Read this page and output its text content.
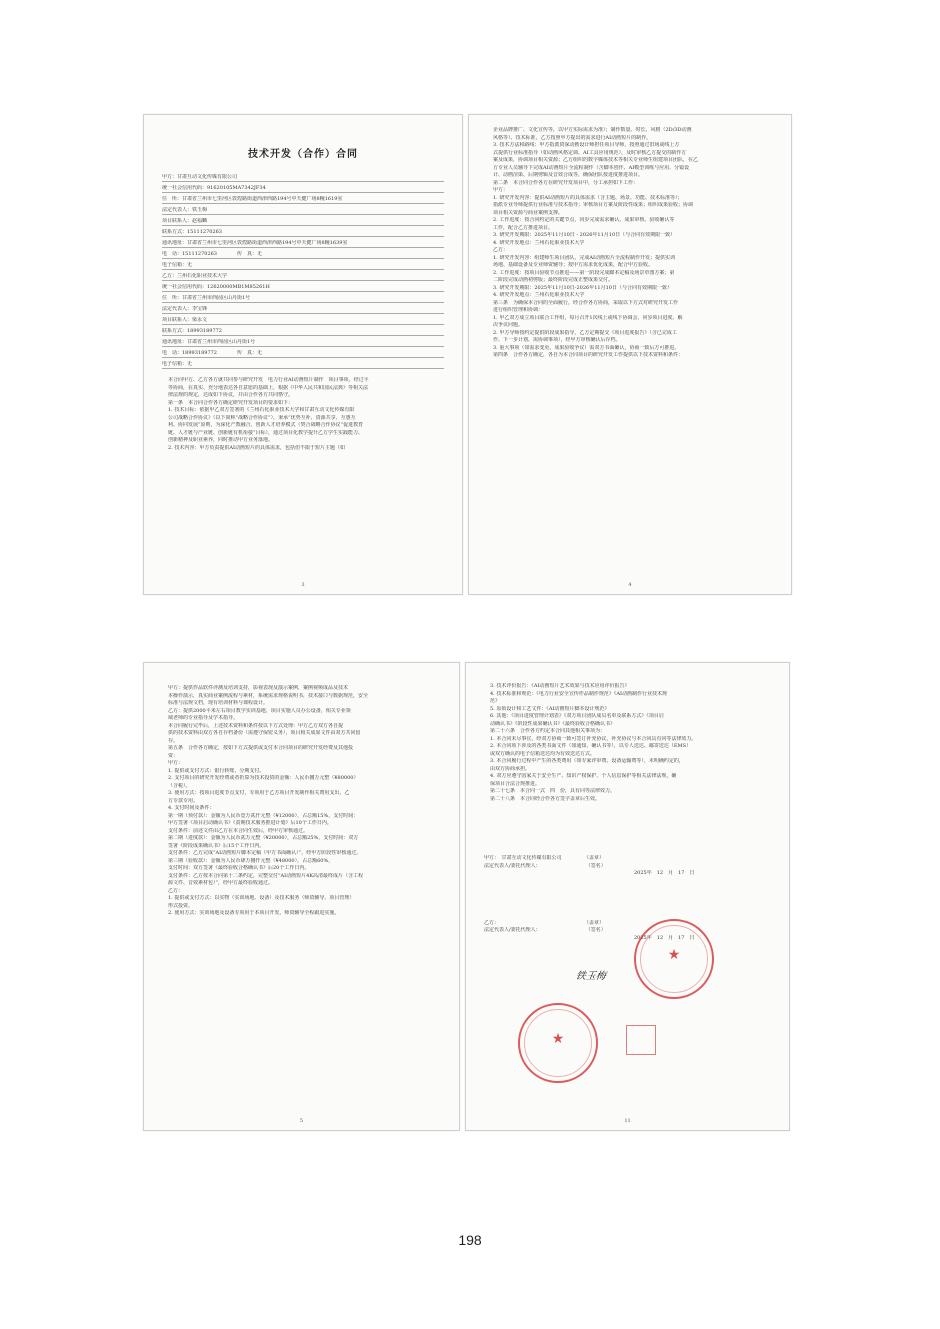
技术开发（合作）合同
甲方：甘肃互动文化传媒有限公司
统一社会信用代码：91620105MA7342JF34
住　所：甘肃省兰州市七里河区敦煌路街道西津西路194号中天健广场8幢1619室
法定代表人：铁玉梅
项目联系人：赵福麟
联系方式：15111270263
通讯地址：甘肃省兰州市七里河区敦煌路街道西津西路194号中天健广场8幢1639室
电　话：15111270263　　　　传　真：无
电子信箱：无
乙方：兰州石化职业技术大学
统一社会信用代码：12620000MB1M85261H
住　所：甘肃省兰州市西固区山丹街1号
法定代表人：李宝锋
项目联系人：梁永文
联系方式：18993189772
通讯地址：甘肃省兰州市西固区山丹街1号
电　话：18993189772　　　　传　真：无
电子信箱：无
本合同甲方、乙方各方就共同参与研究开发　电力行业AI动画短片制作　项目事项，经过平
等协商，在真实、充分地表达各自意愿的基础上，根据《中华人民共和国民法典》等相关法
律法规的规定，达成如下协议，并由合作各方共同恪守。
第一条　本合同合作各方确定研究开发项目的要求如下：
1. 技术目标：依据甲乙双方签署的《兰州石化职业技术大学和甘肃互动文化传媒有限
公司战略合作协议》（以下简称“战略合作协议”），秉承“优势互补、资源共享、互惠互
利、协同发展”原则，为深化产教融合、创新人才培养模式（契合战略合作协议“促进教育
链、人才链与产业链、创新链有机衔接”目标），通过项目化教学提升乙方学生实践能力、
创新精神及职业素养，同时推动甲方业务落地。
2. 技术内容：甲方负责提供AI动画短片的具体需求，包括但不限于短片主题（如
3
企业品牌推广、文化宣传等，以甲方实际需求为准）；制作数量、时长、风格（2D/3D动画
风格等）、技术标准，乙方按照甲方提出的需求进行AI动画短片的制作。
3. 技术方法和路线：甲方指派资深动画设计师担任项目导师，按照通过旧场或线上方
式提供行业标准指导（如动画风格定调、AI工具应用规范），及时审核乙方提交的制作方
案及成果，协调项目相关资源；乙方组织的数字媒体技术等相关专业师生组建项目团队，在乙
方专业人员辅导下完成AI动画短片全流程制作（含脚本创作、AI模型训练与应用、分镜设
计、动画渲染、后期剪辑及音效合成等，确保团队按进度推进项目。
第二条　本合同合作各方在研究开发项目中，分工承担如下工作：
甲方：
1. 研究开发内容：提供AI动画短片的具体需求（含主题、场景、功能、技术标准等）；
指派专业导师提供行业标准与技术指导；审核项目方案及阶段性成果；组织成果验收；协调
项目相关资源与商业案例支撑。
2. 工作进度：按合同约定的关键节点，同步完成需求确认、成果审核、验收确认等
工作，配合乙方推进项目。
3. 研究开发期限：2025年11月10日 - 2026年11月10日（与合同有效期限一致）
4. 研究开发地点：兰州石化职业技术大学
乙方：
1. 研究开发内容：组建师生项目团队，完成AI动画短片全流程制作开发；提供实训
场地、基础设备及专业师资辅导；按甲方需求优化成果，配合甲方验收。
2. 工作进度：按项目验收节点推进——第一阶段完成脚本定稿及场景草图方案；第
二阶段完成动画初剪版；最终阶段完成正整成果交付。
3. 研究开发期限：2025年11月10日-2026年11月10日（与合同有效期限一致）
4. 研究开发地点：兰州石化职业技术大学
第三条　为确保本合同的全面履行，经合作各方协商，采取以下方式对研究开发工作
进行组织管理和协调：
1. 甲乙双方成立项目联合工作组，每月召开1次线上或线下协调会，同步项目进度、解
决争议问题。
2. 甲方导师按约定提供阶段成果指导，乙方定期提交《项目进度报告》（含已完成工
作、下一步计划、需协调事项），经甲方审核确认后存档。
3. 重大事项（如需求变更、成果验收争议）需双方书面确认，协商一致后方可推进。
第四条　合作各方确定，各自为本合同项目的研究开发工作提供以下技术资料和条件：
4
甲方：提供作品软件评测及培训支持，影视表现及演示案例，案例视频成品及技术
本操作演示，真实商业案例流程与素材，系统需求规格说明书，技术接口与数据规范，安全
标准与法规文档，现有培训材料与课程设计。
乙方：提供2000平米左右项目教学实训基地，项目实施人员办公设备，相关专业领
域老师的专业指导及学术指导。
本合同履行完毕后，上述技术资料和条件按以下方式处理：甲方乙方双方各自提
供的技术资料由双方各自存档备份（需遵守保密义务），项目相关成果文件由双方共同留
存。
第五条　合作各方确定，按如下方式提供或支付本合同项目的研究开发经费及其他投
资：
甲方：
1. 提供或支付方式：银行转账，分期支付。
2. 支付项目的研究开发经费或者折算为技术投资的金额：人民币捌万元整（¥80000）
（含税）。
3. 使用方式：按项目进度节点支付，专项用于乙方项目开发制作相关费用支出，乙
方专款专用。
4. 支付时间及条件：
第一期（预付款）：金额为人民币壹万贰仟元整（¥12000），占总额15%，支付时间：
甲方签署《项目启动确认书》《责期技术服务推进计划》后10个工作日内。
支付条件：前述文件由乙方在本合同生效后，经甲方审核通过。
第二期（进度款）：金额为人民币贰万元整（¥20000），占总额25%，支付时间：双方
签署《阶段成果确认书》后15个工作日内。
支付条件：乙方完成“AI动画短片脚本定稿（甲方书面确认）”，经甲方阶段性审核通过。
第三期（验收款）：金额为人民币肆万捌仟元整（¥48000），占总额60%，
支付时间：双方签署《最终验收合格确认书》后20个工作日内。
支付条件：乙方按本合同第十二条约定，完整交付“AI动画短片4K高清最终成片（含工程
源文件、音效素材包）”，经甲方最终验收通过。
乙方：
1. 提供或支付方式：以实物（实训场地、设备）及技术服务（师资辅导、项目管理）
形式投资。
2. 使用方式：实训场地及设备专项用于本项目开发，师资辅导全程跟进实施。
5
3. 技术评价报告：《AI动画短片艺术效果与技术应用评价报告》
4. 技术标准和规范：《电力行业安全宣传作品制作规范》《AI动画制作行业技术规
范》
5. 原始设计和工艺文件：《AI动画短片脚本设计规范》
6. 其他：《项目进度管理计划表》《双方项目团队成员名单及联系方式》《项目启
动确认书》《阶段性成果确认书》《最终验收合格确认书》
第二十六条　合作各方约定本合同其他相关事项为：
1. 本合同未尽事宜，经双方协商一致可签订补充协议，补充协议与本合同具有同等法律效力。
2. 本合同项下涉及的各类书面文件（如通知、确认书等），以专人送达、邮寄送达（EMS）
或双方确认的电子信箱送达均为有效送达方式。
3. 本合同履行过程中产生的各类费用（如专家评审费、设备运输费等），未明确约定的，
由双方协商承担。
4. 双方应遵守国家关于安全生产、知识产权保护、个人信息保护等相关法律法规，确
保项目合法合规推进。
第二十七条　本合同一式　四　份，具有同等法律效力。
第二十八条　本合同经合作各方签字盖章后生效。
甲方：　甘肃互动文化传媒有限公司　　　　　（盖章）
法定代表人/委托代理人：　　　　　　　　　　（签名）
2025年　12　月　17　日
乙方：　　　　　　　　　　　　　　　　　　（盖章）
法定代表人/委托代理人：　　　　　　　　　　（签名）
2025年　12　月　17　日
铁玉梅
★
★
11
198
